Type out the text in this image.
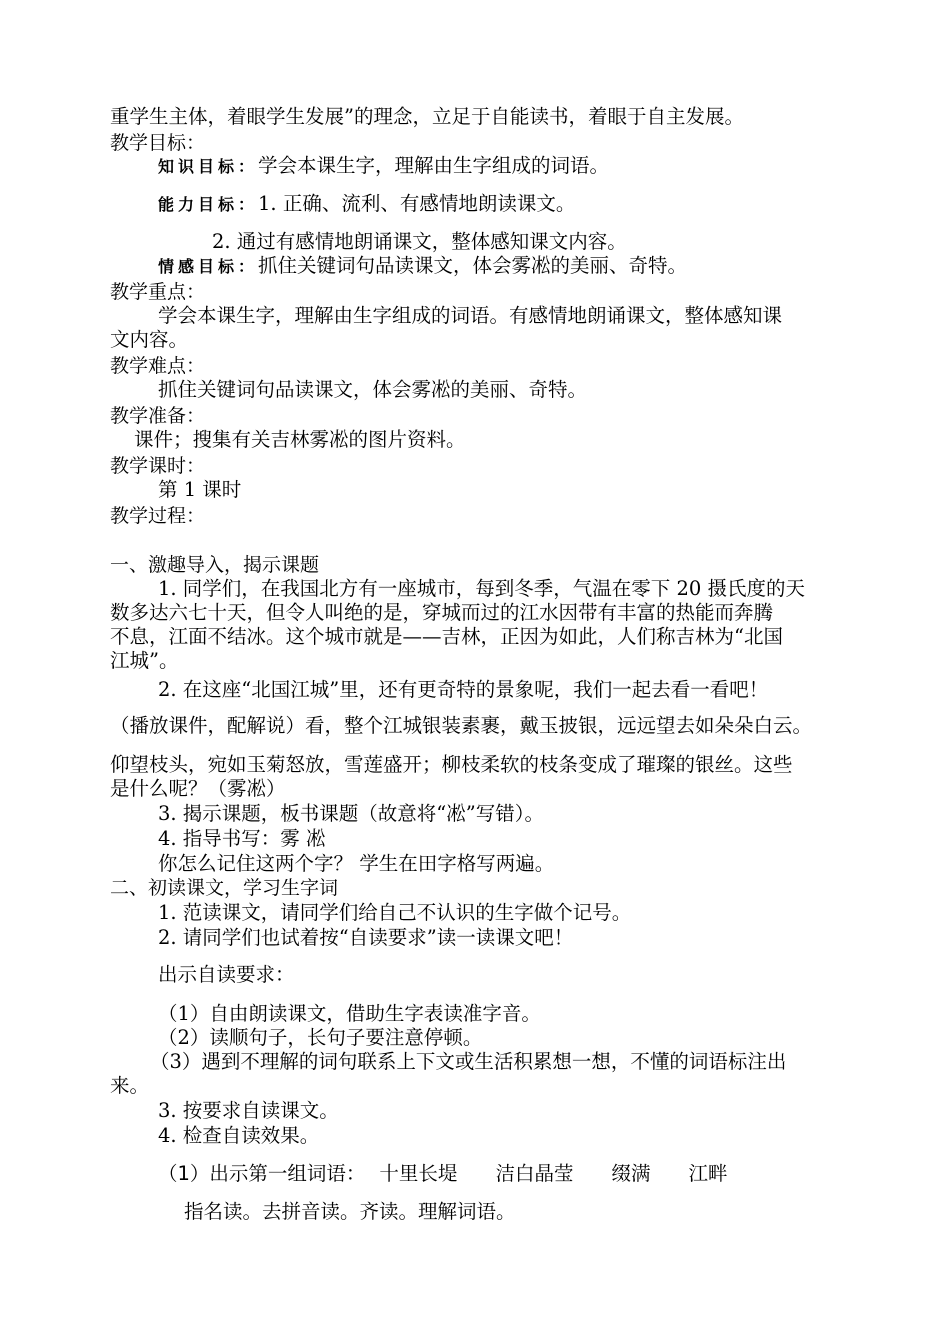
重学生主体，着眼学生发展”的理念，立足于自能读书，着眼于自主发展。
教学目标：
知识目标：学会本课生字，理解由生字组成的词语。
能力目标：1. 正确、流利、有感情地朗读课文。
2. 通过有感情地朗诵课文，整体感知课文内容。
情感目标：抓住关键词句品读课文，体会雾凇的美丽、奇特。
教学重点：
学会本课生字，理解由生字组成的词语。有感情地朗诵课文，整体感知课
文内容。
教学难点：
抓住关键词句品读课文，体会雾凇的美丽、奇特。
教学准备：
课件；搜集有关吉林雾凇的图片资料。
教学课时：
第 1 课时
教学过程：
一、激趣导入，揭示课题
1. 同学们，在我国北方有一座城市，每到冬季，气温在零下 20 摄氏度的天
数多达六七十天，但令人叫绝的是，穿城而过的江水因带有丰富的热能而奔腾
不息，江面不结冰。这个城市就是——吉林，正因为如此，人们称吉林为“北国
江城”。
2. 在这座“北国江城”里，还有更奇特的景象呢，我们一起去看一看吧！
（播放课件，配解说）看，整个江城银装素裹，戴玉披银，远远望去如朵朵白云。
仰望枝头，宛如玉菊怒放，雪莲盛开；柳枝柔软的枝条变成了璀璨的银丝。这些
是什么呢？（雾凇）
3. 揭示课题，板书课题（故意将“凇”写错）。
4. 指导书写：雾 凇
你怎么记住这两个字？ 学生在田字格写两遍。
二、初读课文，学习生字词
1. 范读课文，请同学们给自己不认识的生字做个记号。
2. 请同学们也试着按“自读要求”读一读课文吧！
出示自读要求：
（1）自由朗读课文，借助生字表读准字音。
（2）读顺句子，长句子要注意停顿。
（3）遇到不理解的词句联系上下文或生活积累想一想，不懂的词语标注出
来。
3. 按要求自读课文。
4. 检查自读效果。
（1）出示第一组词语： 十里长堤 洁白晶莹 缀满 江畔
指名读。去拼音读。齐读。理解词语。
